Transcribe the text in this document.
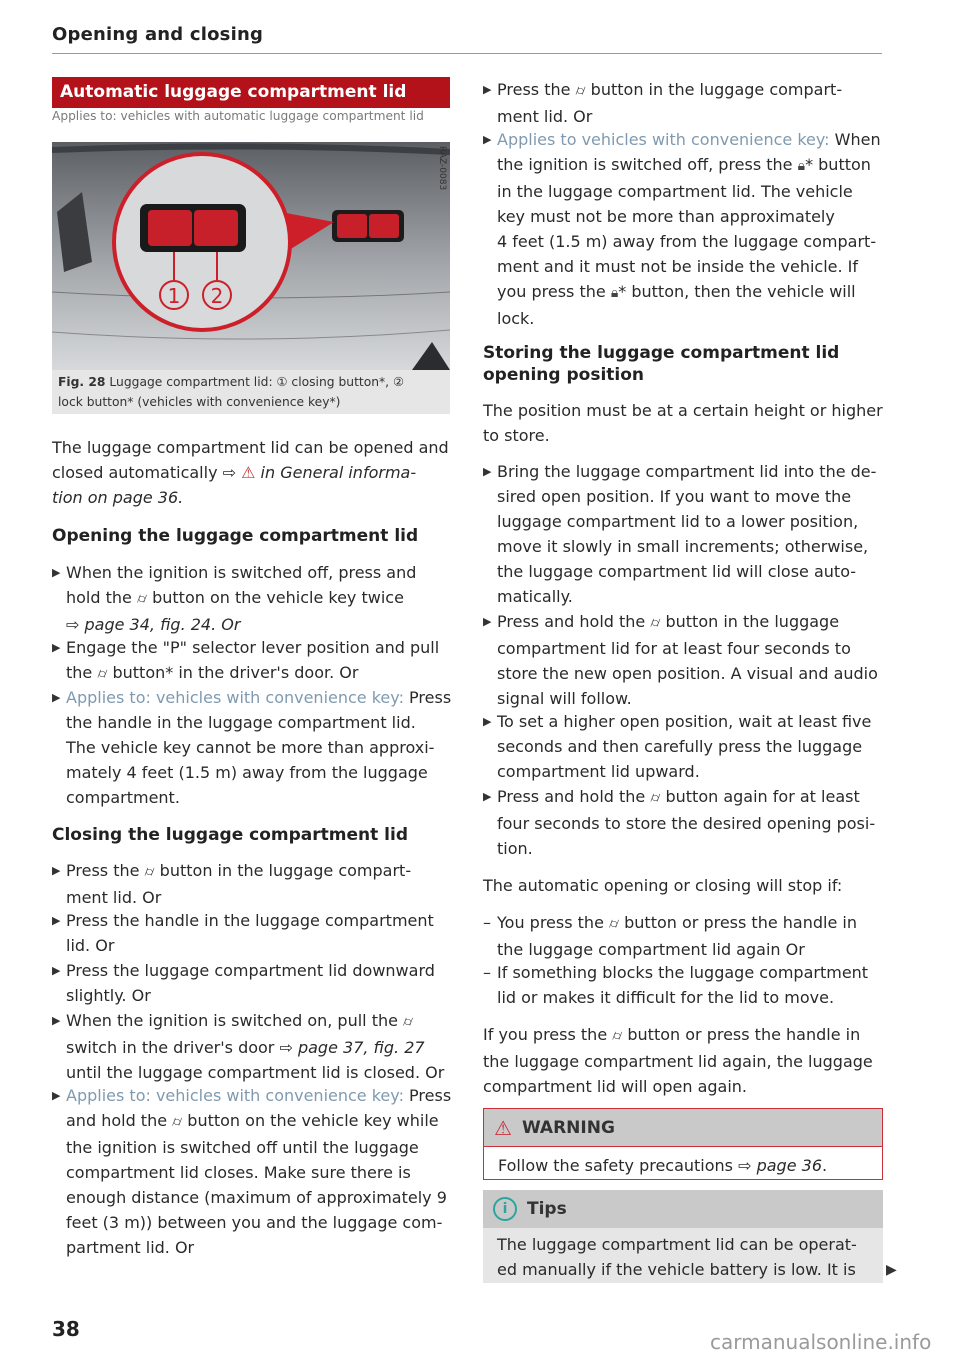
Opening and closing
Automatic luggage compartment lid
Applies to: vehicles with automatic luggage compartment lid
1 2
RAZ-0083
Fig. 28 Luggage compartment lid: ① closing button*, ②
lock button* (vehicles with convenience key*)
The luggage compartment lid can be opened and
closed automatically ⇨ ⚠ in General informa-
tion on page 36.
Opening the luggage compartment lid
▶ When the ignition is switched off, press and
hold the ⌭ button on the vehicle key twice
⇨ page 34, fig. 24. Or
▶ Engage the "P" selector lever position and pull
the ⌭ button* in the driver's door. Or
▶ Applies to: vehicles with convenience key: Press
the handle in the luggage compartment lid.
The vehicle key cannot be more than approxi-
mately 4 feet (1.5 m) away from the luggage
compartment.
Closing the luggage compartment lid
▶ Press the ⌭ button in the luggage compart-
ment lid. Or
▶ Press the handle in the luggage compartment
lid. Or
▶ Press the luggage compartment lid downward
slightly. Or
▶ When the ignition is switched on, pull the ⌭
switch in the driver's door ⇨ page 37, fig. 27
until the luggage compartment lid is closed. Or
▶ Applies to: vehicles with convenience key: Press
and hold the ⌭ button on the vehicle key while
the ignition is switched off until the luggage
compartment lid closes. Make sure there is
enough distance (maximum of approximately 9
feet (3 m)) between you and the luggage com-
partment lid. Or
▶ Press the ⌭ button in the luggage compart-
ment lid. Or
▶ Applies to vehicles with convenience key: When
the ignition is switched off, press the 🔒︎* button
in the luggage compartment lid. The vehicle
key must not be more than approximately
4 feet (1.5 m) away from the luggage compart-
ment and it must not be inside the vehicle. If
you press the 🔒︎* button, then the vehicle will
lock.
Storing the luggage compartment lid
opening position
The position must be at a certain height or higher
to store.
▶ Bring the luggage compartment lid into the de-
sired open position. If you want to move the
luggage compartment lid to a lower position,
move it slowly in small increments; otherwise,
the luggage compartment lid will close auto-
matically.
▶ Press and hold the ⌭ button in the luggage
compartment lid for at least four seconds to
store the new open position. A visual and audio
signal will follow.
▶ To set a higher open position, wait at least five
seconds and then carefully press the luggage
compartment lid upward.
▶ Press and hold the ⌭ button again for at least
four seconds to store the desired opening posi-
tion.
The automatic opening or closing will stop if:
– You press the ⌭ button or press the handle in
the luggage compartment lid again Or
– If something blocks the luggage compartment
lid or makes it difficult for the lid to move.
If you press the ⌭ button or press the handle in
the luggage compartment lid again, the luggage
compartment lid will open again.
⚠ WARNING
Follow the safety precautions ⇨ page 36.
i	Tips
The luggage compartment lid can be operat-
ed manually if the vehicle battery is low. It is	▶
38
carmanualsonline.info
